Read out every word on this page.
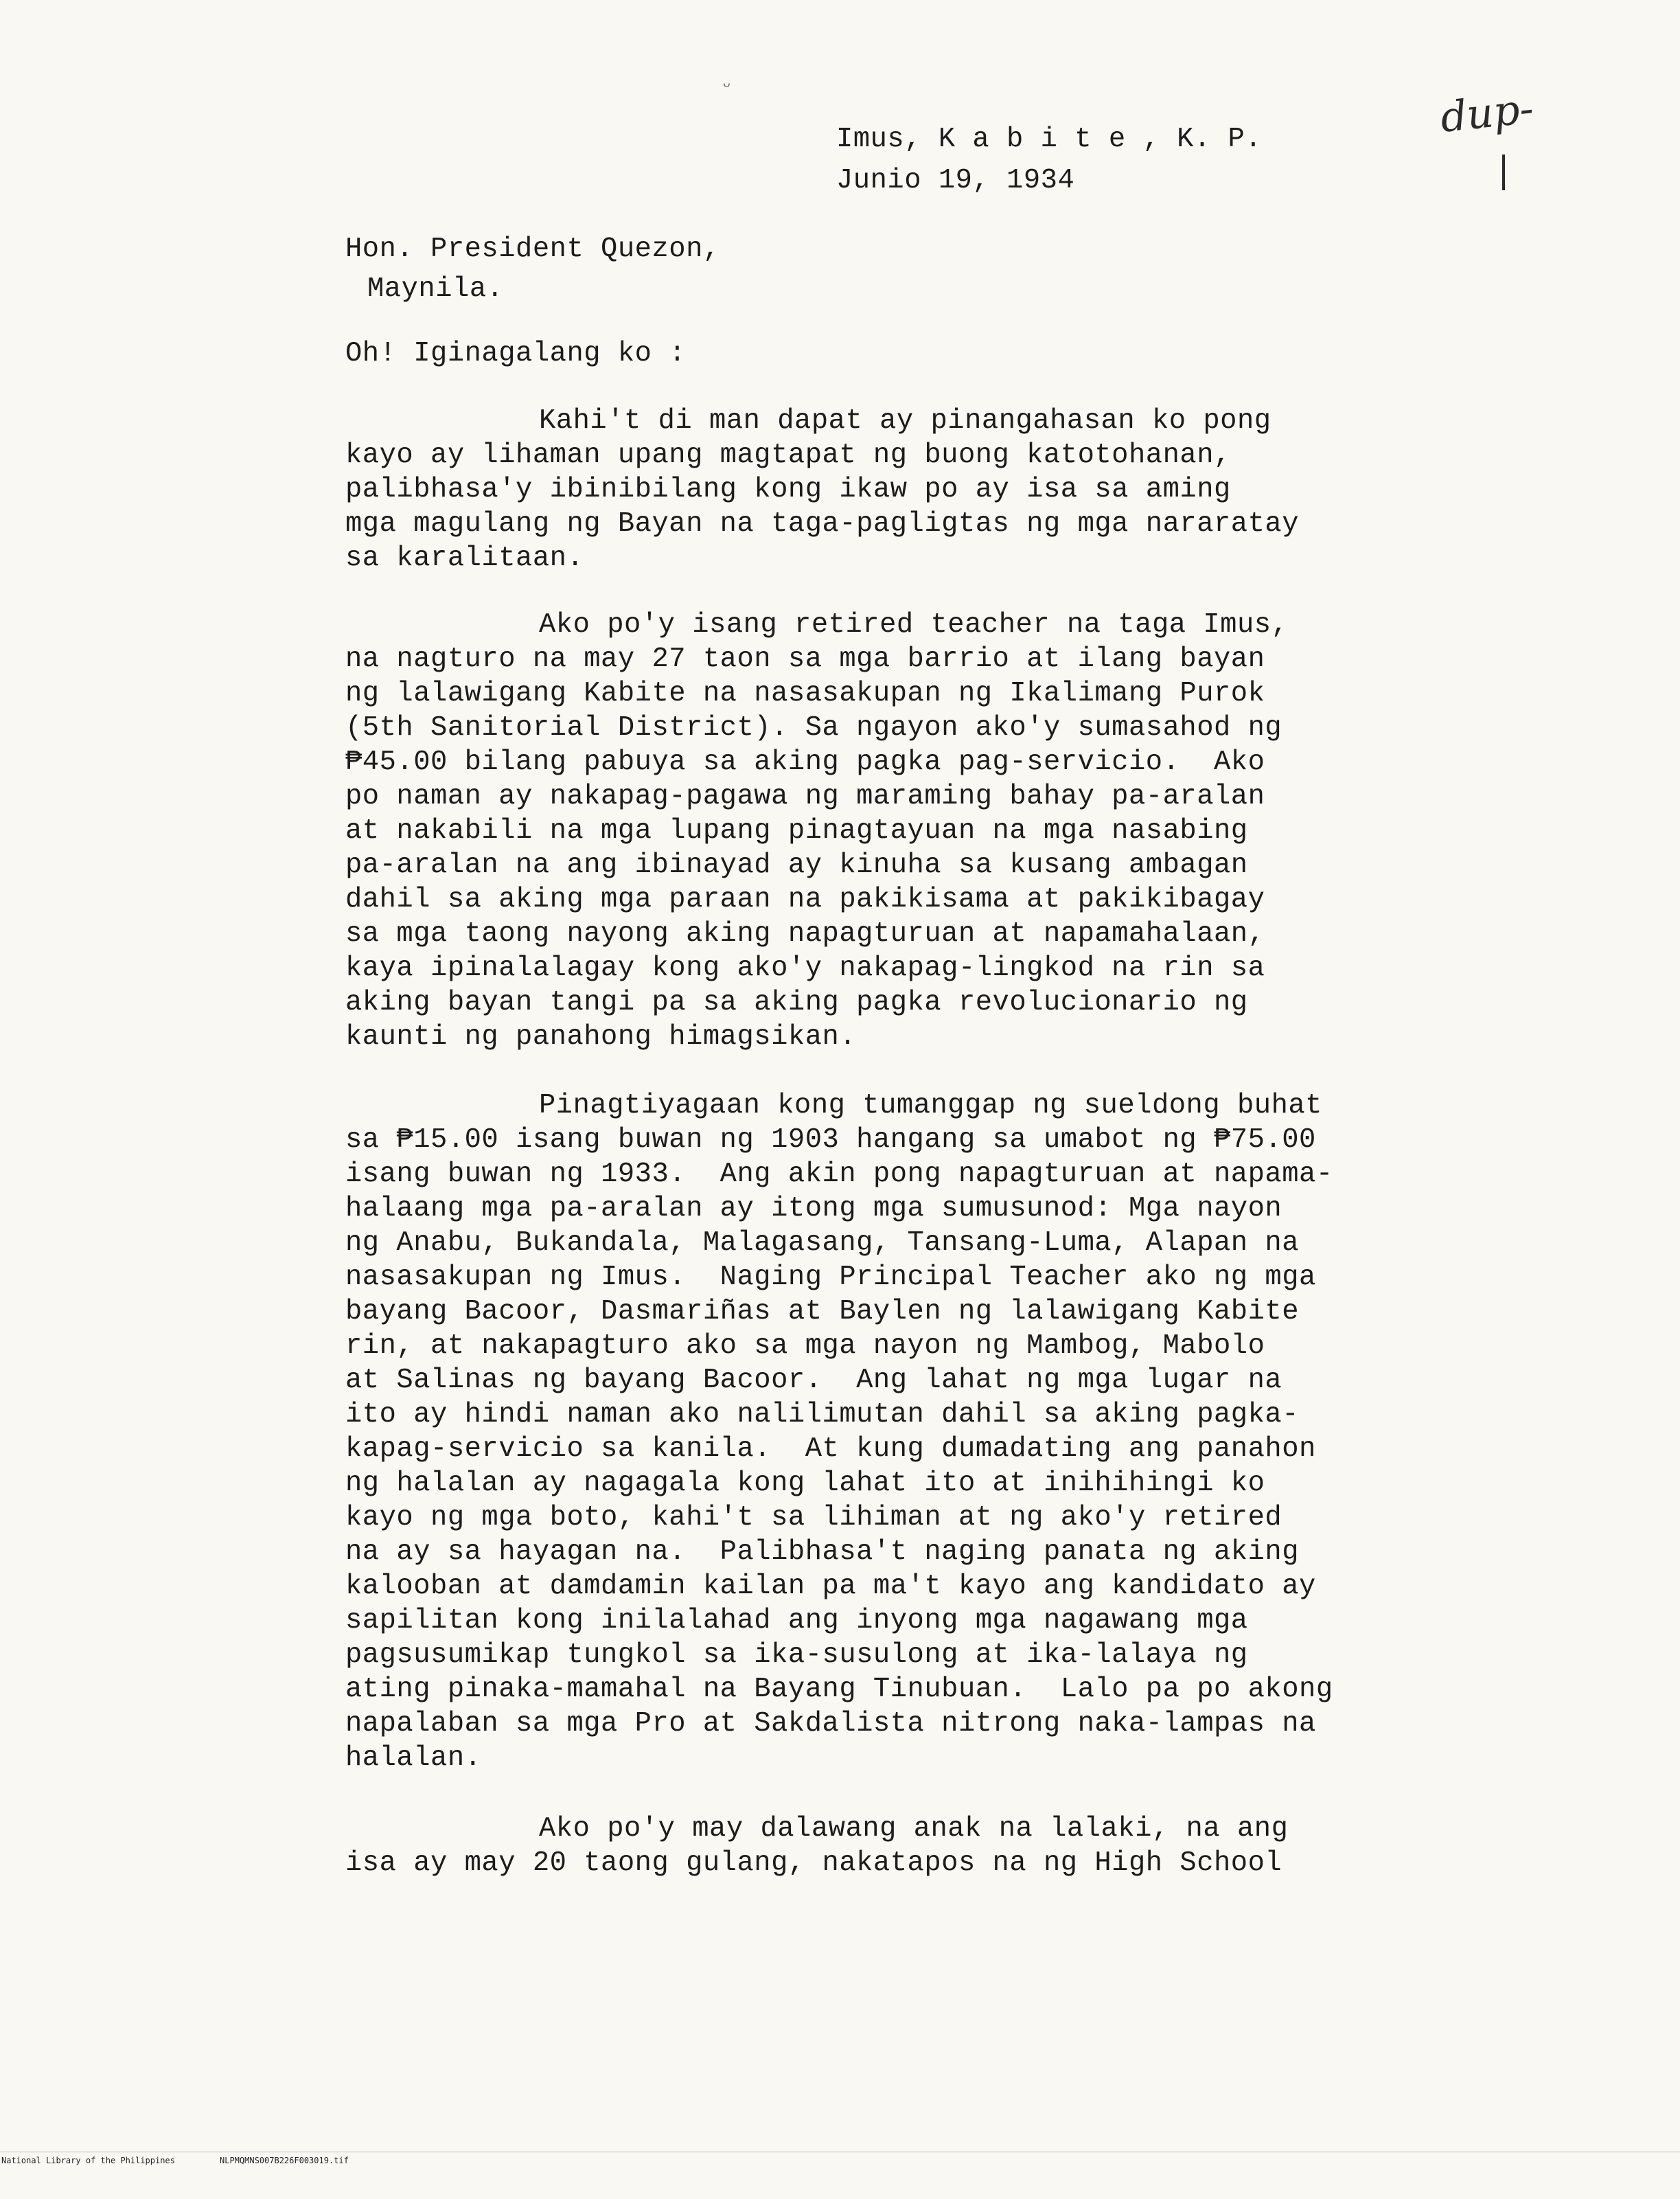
ᵕ	dup-
Imus, K a b i t e , K. P.
Junio 19, 1934
Hon. President Quezon,
Maynila.
Oh! Iginagalang ko :
Kahi't di man dapat ay pinangahasan ko pong
kayo ay lihaman upang magtapat ng buong katotohanan,
palibhasa'y ibinibilang kong ikaw po ay isa sa aming
mga magulang ng Bayan na taga-pagligtas ng mga nararatay
sa karalitaan.
Ako po'y isang retired teacher na taga Imus,
na nagturo na may 27 taon sa mga barrio at ilang bayan
ng lalawigang Kabite na nasasakupan ng Ikalimang Purok
(5th Sanitorial District). Sa ngayon ako'y sumasahod ng
₱45.00 bilang pabuya sa aking pagka pag-servicio.  Ako
po naman ay nakapag-pagawa ng maraming bahay pa-aralan
at nakabili na mga lupang pinagtayuan na mga nasabing
pa-aralan na ang ibinayad ay kinuha sa kusang ambagan
dahil sa aking mga paraan na pakikisama at pakikibagay
sa mga taong nayong aking napagturuan at napamahalaan,
kaya ipinalalagay kong ako'y nakapag-lingkod na rin sa
aking bayan tangi pa sa aking pagka revolucionario ng
kaunti ng panahong himagsikan.
Pinagtiyagaan kong tumanggap ng sueldong buhat
sa ₱15.00 isang buwan ng 1903 hangang sa umabot ng ₱75.00
isang buwan ng 1933.  Ang akin pong napagturuan at napama-
halaang mga pa-aralan ay itong mga sumusunod: Mga nayon
ng Anabu, Bukandala, Malagasang, Tansang-Luma, Alapan na
nasasakupan ng Imus.  Naging Principal Teacher ako ng mga
bayang Bacoor, Dasmariñas at Baylen ng lalawigang Kabite
rin, at nakapagturo ako sa mga nayon ng Mambog, Mabolo
at Salinas ng bayang Bacoor.  Ang lahat ng mga lugar na
ito ay hindi naman ako nalilimutan dahil sa aking pagka-
kapag-servicio sa kanila.  At kung dumadating ang panahon
ng halalan ay nagagala kong lahat ito at inihihingi ko
kayo ng mga boto, kahi't sa lihiman at ng ako'y retired
na ay sa hayagan na.  Palibhasa't naging panata ng aking
kalooban at damdamin kailan pa ma't kayo ang kandidato ay
sapilitan kong inilalahad ang inyong mga nagawang mga
pagsusumikap tungkol sa ika-susulong at ika-lalaya ng
ating pinaka-mamahal na Bayang Tinubuan.  Lalo pa po akong
napalaban sa mga Pro at Sakdalista nitrong naka-lampas na
halalan.
Ako po'y may dalawang anak na lalaki, na ang
isa ay may 20 taong gulang, nakatapos na ng High School

National Library of the Philippines

	NLPMQMNS007B226F003019.tif
